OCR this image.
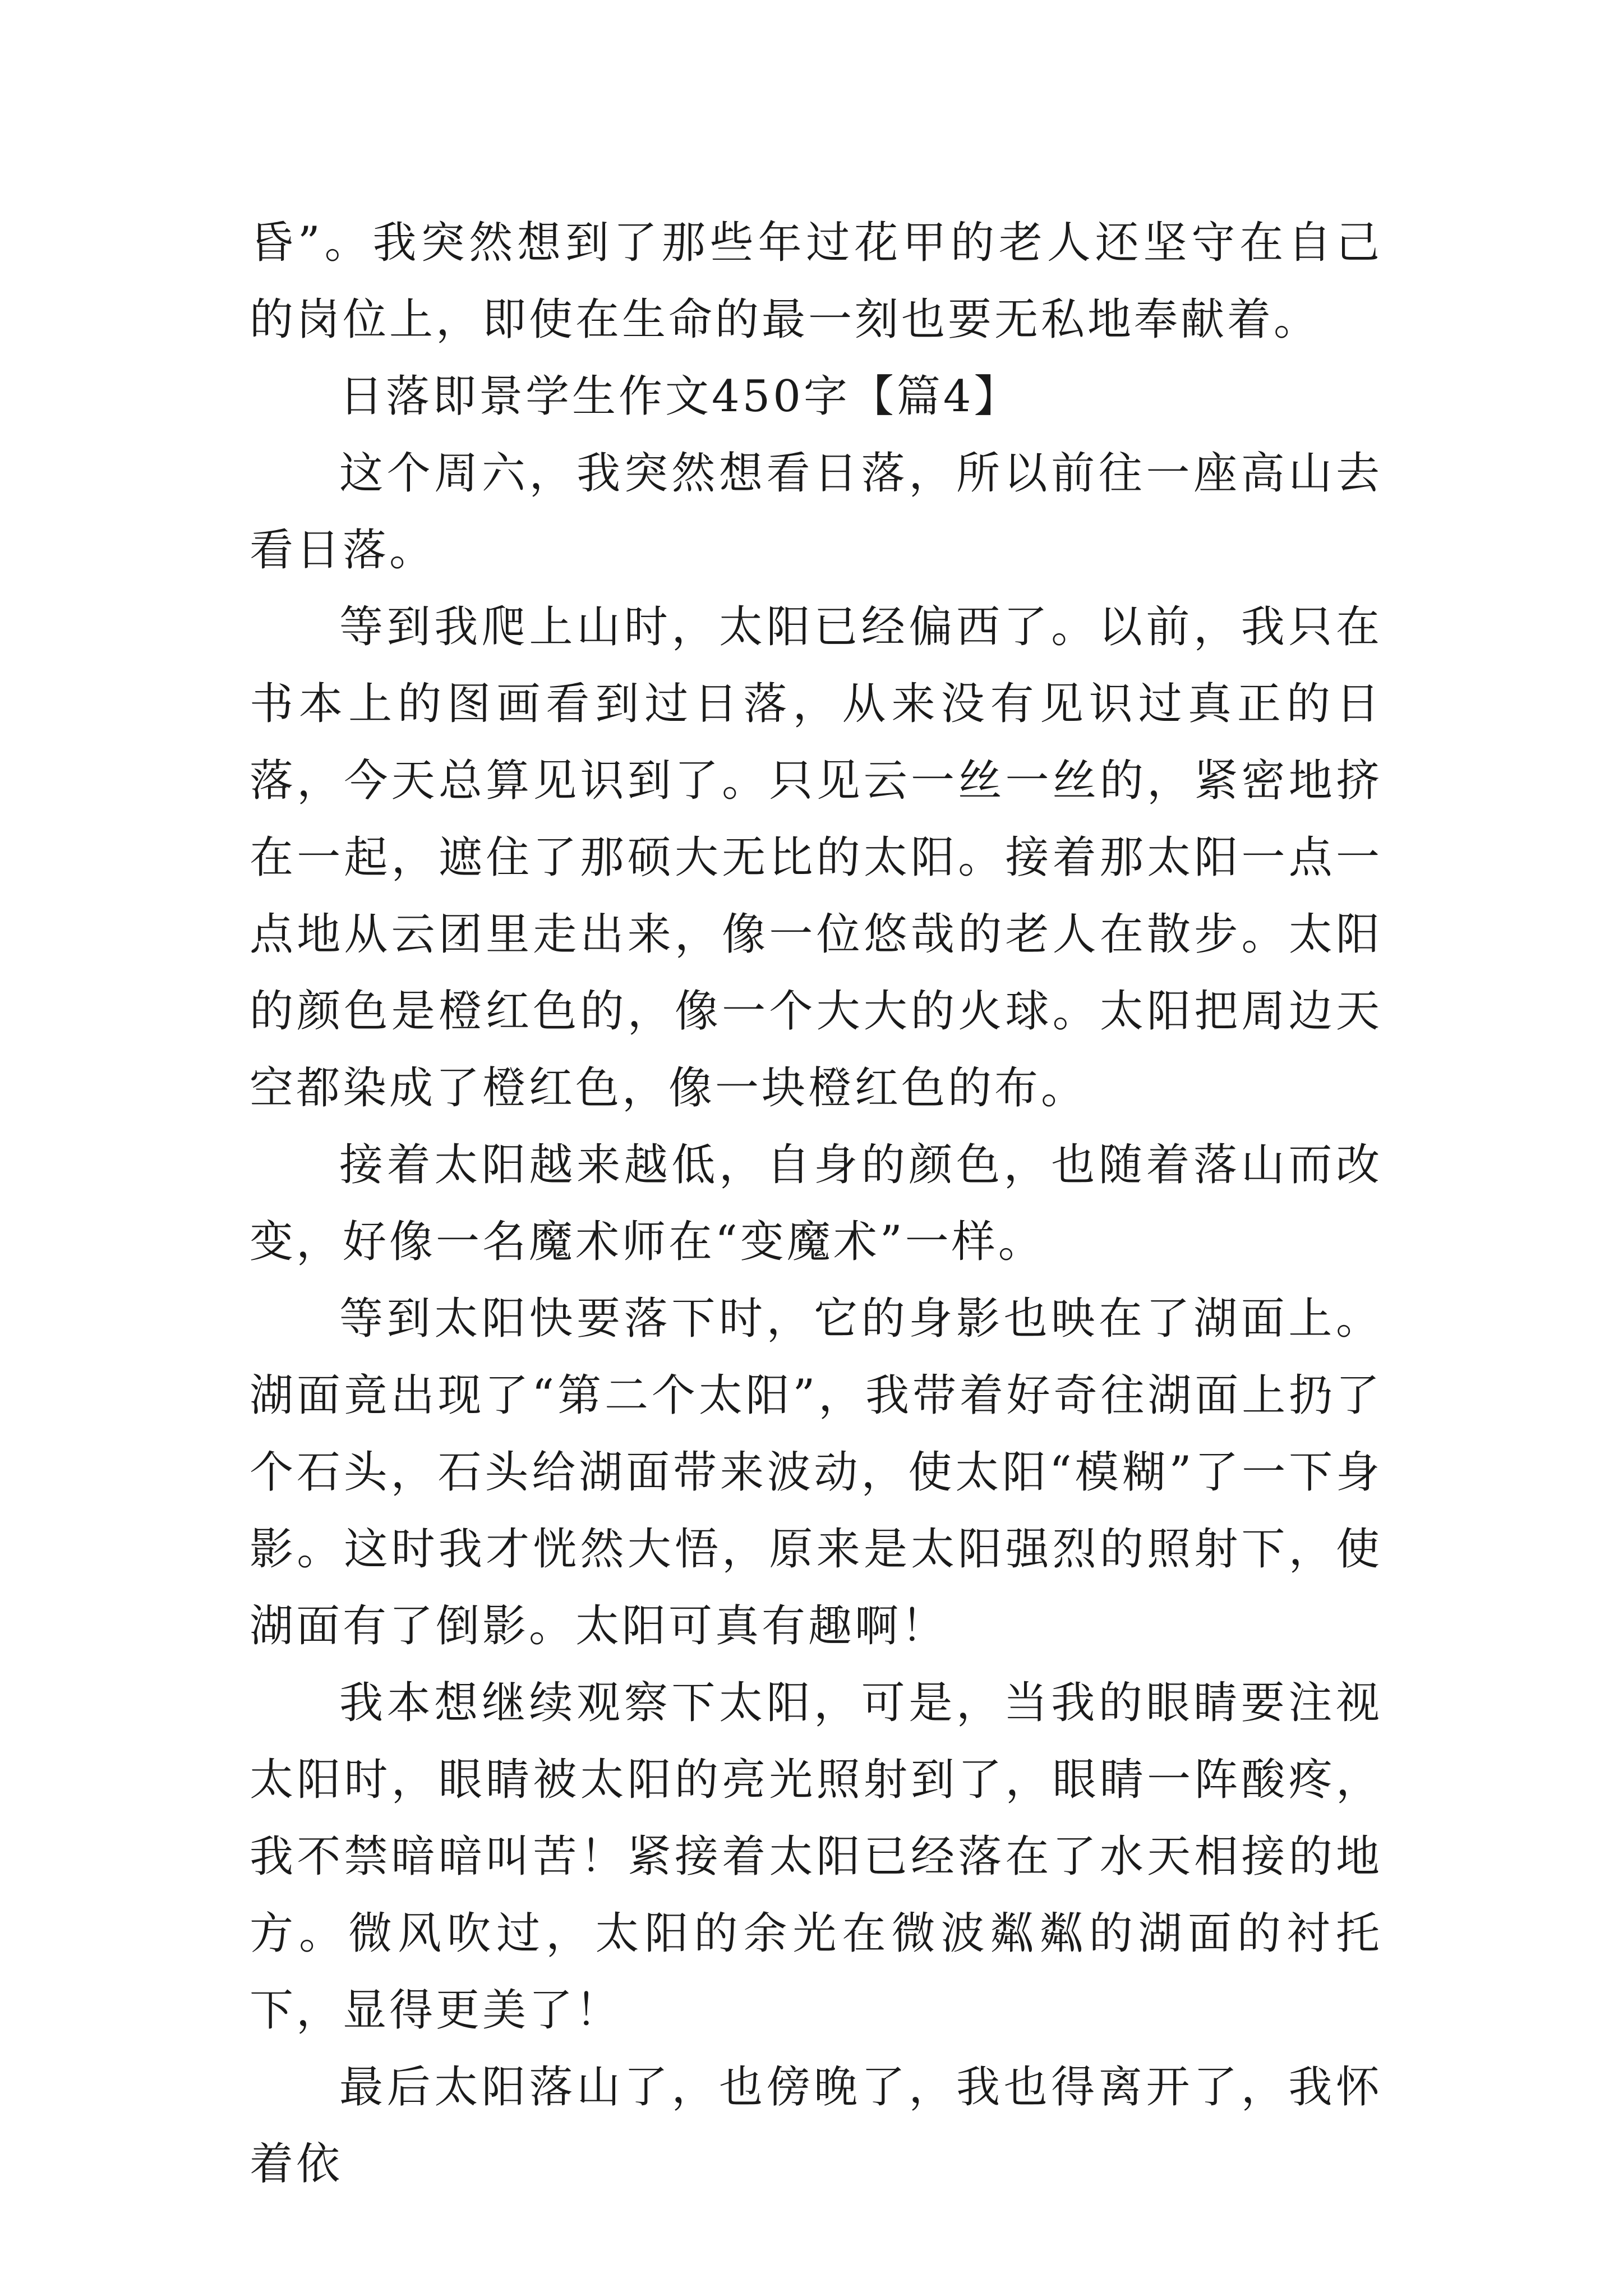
昏”。我突然想到了那些年过花甲的老人还坚守在自己的岗位上，即使在生命的最一刻也要无私地奉献着。

日落即景学生作文450字【篇4】

这个周六，我突然想看日落，所以前往一座高山去看日落。

等到我爬上山时，太阳已经偏西了。以前，我只在书本上的图画看到过日落，从来没有见识过真正的日落，今天总算见识到了。只见云一丝一丝的，紧密地挤在一起，遮住了那硕大无比的太阳。接着那太阳一点一点地从云团里走出来，像一位悠哉的老人在散步。太阳的颜色是橙红色的，像一个大大的火球。太阳把周边天空都染成了橙红色，像一块橙红色的布。

接着太阳越来越低，自身的颜色，也随着落山而改变，好像一名魔术师在“变魔术”一样。

等到太阳快要落下时，它的身影也映在了湖面上。湖面竟出现了“第二个太阳”，我带着好奇往湖面上扔了个石头，石头给湖面带来波动，使太阳“模糊”了一下身影。这时我才恍然大悟，原来是太阳强烈的照射下，使湖面有了倒影。太阳可真有趣啊！

我本想继续观察下太阳，可是，当我的眼睛要注视太阳时，眼睛被太阳的亮光照射到了，眼睛一阵酸疼，我不禁暗暗叫苦！紧接着太阳已经落在了水天相接的地方。微风吹过，太阳的余光在微波粼粼的湖面的衬托下，显得更美了！

最后太阳落山了，也傍晚了，我也得离开了，我怀着依
